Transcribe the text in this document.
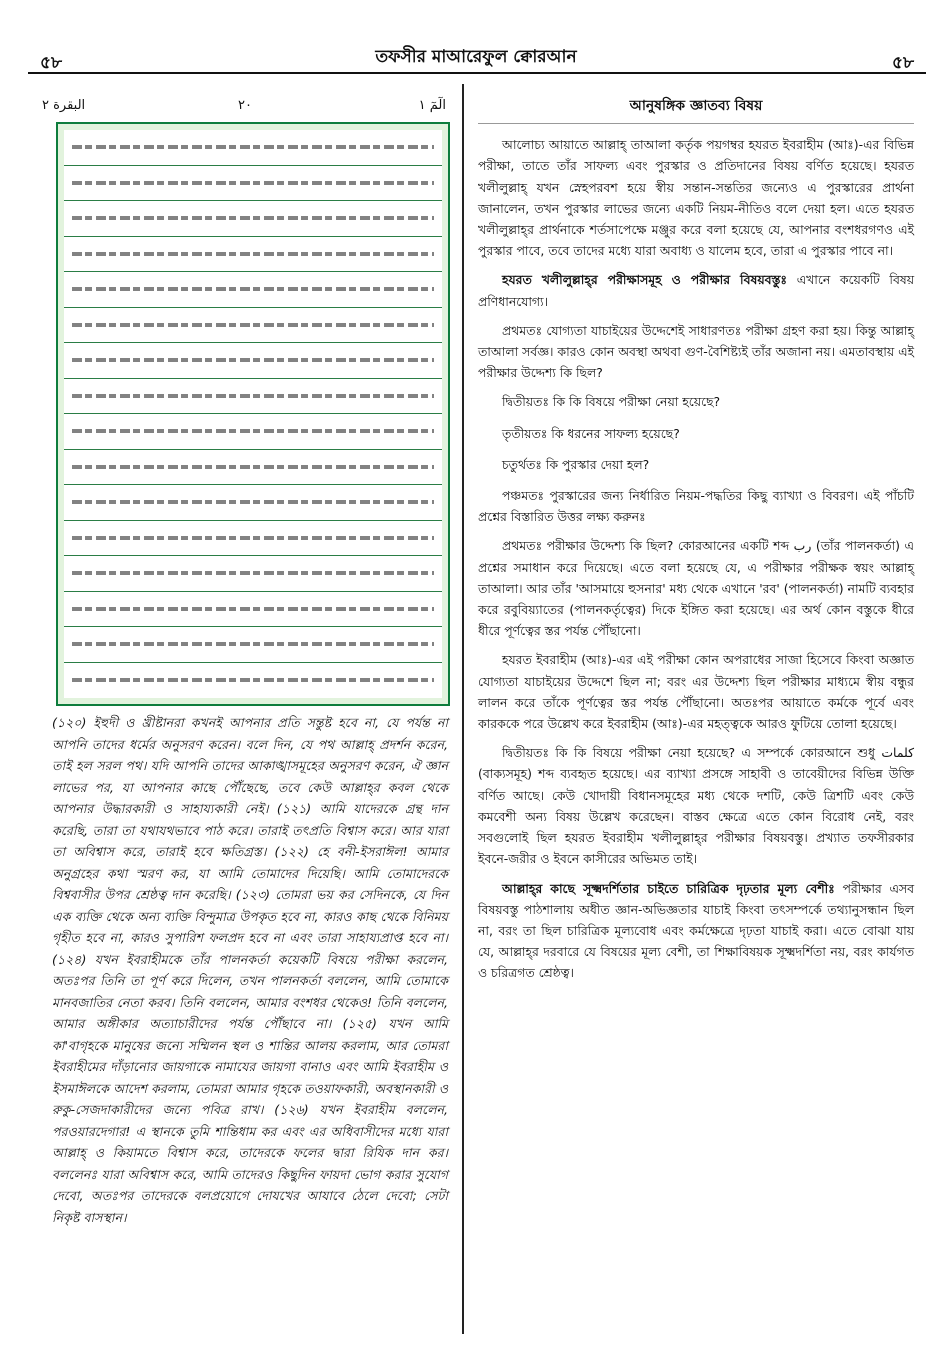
৫৮	তফসীর মাআরেফুল ক্বোরআন	৫৮
البقرة ٢	٢٠	الٓمٓ ١

(১২০) ইহুদী ও খ্রীষ্টানরা কখনই আপনার প্রতি সন্তুষ্ট হবে না, যে পর্যন্ত না আপনি তাদের ধর্মের অনুসরণ করেন। বলে দিন, যে পথ আল্লাহ্ প্রদর্শন করেন, তাই হল সরল পথ। যদি আপনি তাদের আকাঙ্খাসমূহের অনুসরণ করেন, ঐ জ্ঞান লাভের পর, যা আপনার কাছে পৌঁছেছে, তবে কেউ আল্লাহ্‌র কবল থেকে আপনার উদ্ধারকারী ও সাহায্যকারী নেই। (১২১) আমি যাদেরকে গ্রন্থ দান করেছি, তারা তা যথাযথভাবে পাঠ করে। তারাই তৎপ্রতি বিশ্বাস করে। আর যারা তা অবিশ্বাস করে, তারাই হবে ক্ষতিগ্রস্ত। (১২২) হে বনী-ইসরাঈল! আমার অনুগ্রহের কথা স্মরণ কর, যা আমি তোমাদের দিয়েছি। আমি তোমাদেরকে বিশ্ববাসীর উপর শ্রেষ্ঠত্ব দান করেছি। (১২৩) তোমরা ভয় কর সেদিনকে, যে দিন এক ব্যক্তি থেকে অন্য ব্যক্তি বিন্দুমাত্র উপকৃত হবে না, কারও কাছ থেকে বিনিময় গৃহীত হবে না, কারও সুপারিশ ফলপ্রদ হবে না এবং তারা সাহায্যপ্রাপ্ত হবে না। (১২৪) যখন ইবরাহীমকে তাঁর পালনকর্তা কয়েকটি বিষয়ে পরীক্ষা করলেন, অতঃপর তিনি তা পূর্ণ করে দিলেন, তখন পালনকর্তা বললেন, আমি তোমাকে মানবজাতির নেতা করব। তিনি বললেন, আমার বংশধর থেকেও! তিনি বললেন, আমার অঙ্গীকার অত্যাচারীদের পর্যন্ত পৌঁছাবে না। (১২৫) যখন আমি কা'বাগৃহকে মানুষের জন্যে সম্মিলন স্থল ও শান্তির আলয় করলাম, আর তোমরা ইবরাহীমের দাঁড়ানোর জায়গাকে নামাযের জায়গা বানাও এবং আমি ইবরাহীম ও ইসমাঈলকে আদেশ করলাম, তোমরা আমার গৃহকে তওয়াফকারী, অবস্থানকারী ও রুকু-সেজদাকারীদের জন্যে পবিত্র রাখ। (১২৬) যখন ইবরাহীম বললেন, পরওয়ারদেগার! এ স্থানকে তুমি শান্তিধাম কর এবং এর অধিবাসীদের মধ্যে যারা আল্লাহ্ ও কিয়ামতে বিশ্বাস করে, তাদেরকে ফলের দ্বারা রিযিক দান কর। বললেনঃ যারা অবিশ্বাস করে, আমি তাদেরও কিছুদিন ফায়দা ভোগ করার সুযোগ দেবো, অতঃপর তাদেরকে বলপ্রয়োগে দোযখের আযাবে ঠেলে দেবো; সেটা নিকৃষ্ট বাসস্থান।

আনুষঙ্গিক জ্ঞাতব্য বিষয়

আলোচ্য আয়াতে আল্লাহ্ তাআলা কর্তৃক পয়গম্বর হযরত ইবরাহীম (আঃ)-এর বিভিন্ন পরীক্ষা, তাতে তাঁর সাফল্য এবং পুরস্কার ও প্রতিদানের বিষয় বর্ণিত হয়েছে। হযরত খলীলুল্লাহ্ যখন স্নেহপরবশ হয়ে স্বীয় সন্তান-সন্ততির জন্যেও এ পুরস্কারের প্রার্থনা জানালেন, তখন পুরস্কার লাভের জন্যে একটি নিয়ম-নীতিও বলে দেয়া হল। এতে হযরত খলীলুল্লাহ্‌র প্রার্থনাকে শর্তসাপেক্ষে মঞ্জুর করে বলা হয়েছে যে, আপনার বংশধরগণও এই পুরস্কার পাবে, তবে তাদের মধ্যে যারা অবাধ্য ও যালেম হবে, তারা এ পুরস্কার পাবে না।

হযরত খলীলুল্লাহ্‌র পরীক্ষাসমূহ ও পরীক্ষার বিষয়বস্তুঃ এখানে কয়েকটি বিষয় প্রণিধানযোগ্য।

প্রথমতঃ যোগ্যতা যাচাইয়ের উদ্দেশেই সাধারণতঃ পরীক্ষা গ্রহণ করা হয়। কিন্তু আল্লাহ্ তাআলা সর্বজ্ঞ। কারও কোন অবস্থা অথবা গুণ-বৈশিষ্ট্যই তাঁর অজানা নয়। এমতাবস্থায় এই পরীক্ষার উদ্দেশ্য কি ছিল?

দ্বিতীয়তঃ কি কি বিষয়ে পরীক্ষা নেয়া হয়েছে?

তৃতীয়তঃ কি ধরনের সাফল্য হয়েছে?

চতুর্থতঃ কি পুরস্কার দেয়া হল?

পঞ্চমতঃ পুরস্কারের জন্য নির্ধারিত নিয়ম-পদ্ধতির কিছু ব্যাখ্যা ও বিবরণ। এই পাঁচটি প্রশ্নের বিস্তারিত উত্তর লক্ষ্য করুনঃ

প্রথমতঃ পরীক্ষার উদ্দেশ্য কি ছিল? কোরআনের একটি শব্দ رب (তাঁর পালনকর্তা) এ প্রশ্নের সমাধান করে দিয়েছে। এতে বলা হয়েছে যে, এ পরীক্ষার পরীক্ষক স্বয়ং আল্লাহ্ তাআলা। আর তাঁর 'আসমায়ে হুসনার' মধ্য থেকে এখানে 'রব' (পালনকর্তা) নামটি ব্যবহার করে রবুবিয়্যাতের (পালনকর্তৃত্বের) দিকে ইঙ্গিত করা হয়েছে। এর অর্থ কোন বস্তুকে ধীরে ধীরে পূর্ণত্বের স্তর পর্যন্ত পৌঁছানো।

হযরত ইবরাহীম (আঃ)-এর এই পরীক্ষা কোন অপরাধের সাজা হিসেবে কিংবা অজ্ঞাত যোগ্যতা যাচাইয়ের উদ্দেশে ছিল না; বরং এর উদ্দেশ্য ছিল পরীক্ষার মাধ্যমে স্বীয় বন্ধুর লালন করে তাঁকে পূর্ণত্বের স্তর পর্যন্ত পৌঁছানো। অতঃপর আয়াতে কর্মকে পূর্বে এবং কারককে পরে উল্লেখ করে ইবরাহীম (আঃ)-এর মহত্ত্বকে আরও ফুটিয়ে তোলা হয়েছে।

দ্বিতীয়তঃ কি কি বিষয়ে পরীক্ষা নেয়া হয়েছে? এ সম্পর্কে কোরআনে শুধু كلمات (বাক্যসমূহ) শব্দ ব্যবহৃত হয়েছে। এর ব্যাখ্যা প্রসঙ্গে সাহাবী ও তাবেয়ীদের বিভিন্ন উক্তি বর্ণিত আছে। কেউ খোদায়ী বিধানসমূহের মধ্য থেকে দশটি, কেউ ত্রিশটি এবং কেউ কমবেশী অন্য বিষয় উল্লেখ করেছেন। বাস্তব ক্ষেত্রে এতে কোন বিরোধ নেই, বরং সবগুলোই ছিল হযরত ইবরাহীম খলীলুল্লাহ্‌র পরীক্ষার বিষয়বস্তু। প্রখ্যাত তফসীরকার ইবনে-জরীর ও ইবনে কাসীরের অভিমত তাই।

আল্লাহ্‌র কাছে সূক্ষ্মদর্শিতার চাইতে চারিত্রিক দৃঢ়তার মূল্য বেশীঃ পরীক্ষার এসব বিষয়বস্তু পাঠশালায় অধীত জ্ঞান-অভিজ্ঞতার যাচাই কিংবা তৎসম্পর্কে তথ্যানুসন্ধান ছিল না, বরং তা ছিল চারিত্রিক মূল্যবোধ এবং কর্মক্ষেত্রে দৃঢ়তা যাচাই করা। এতে বোঝা যায় যে, আল্লাহ্‌র দরবারে যে বিষয়ের মূল্য বেশী, তা শিক্ষাবিষয়ক সূক্ষ্মদর্শিতা নয়, বরং কার্যগত ও চরিত্রগত শ্রেষ্ঠত্ব।
